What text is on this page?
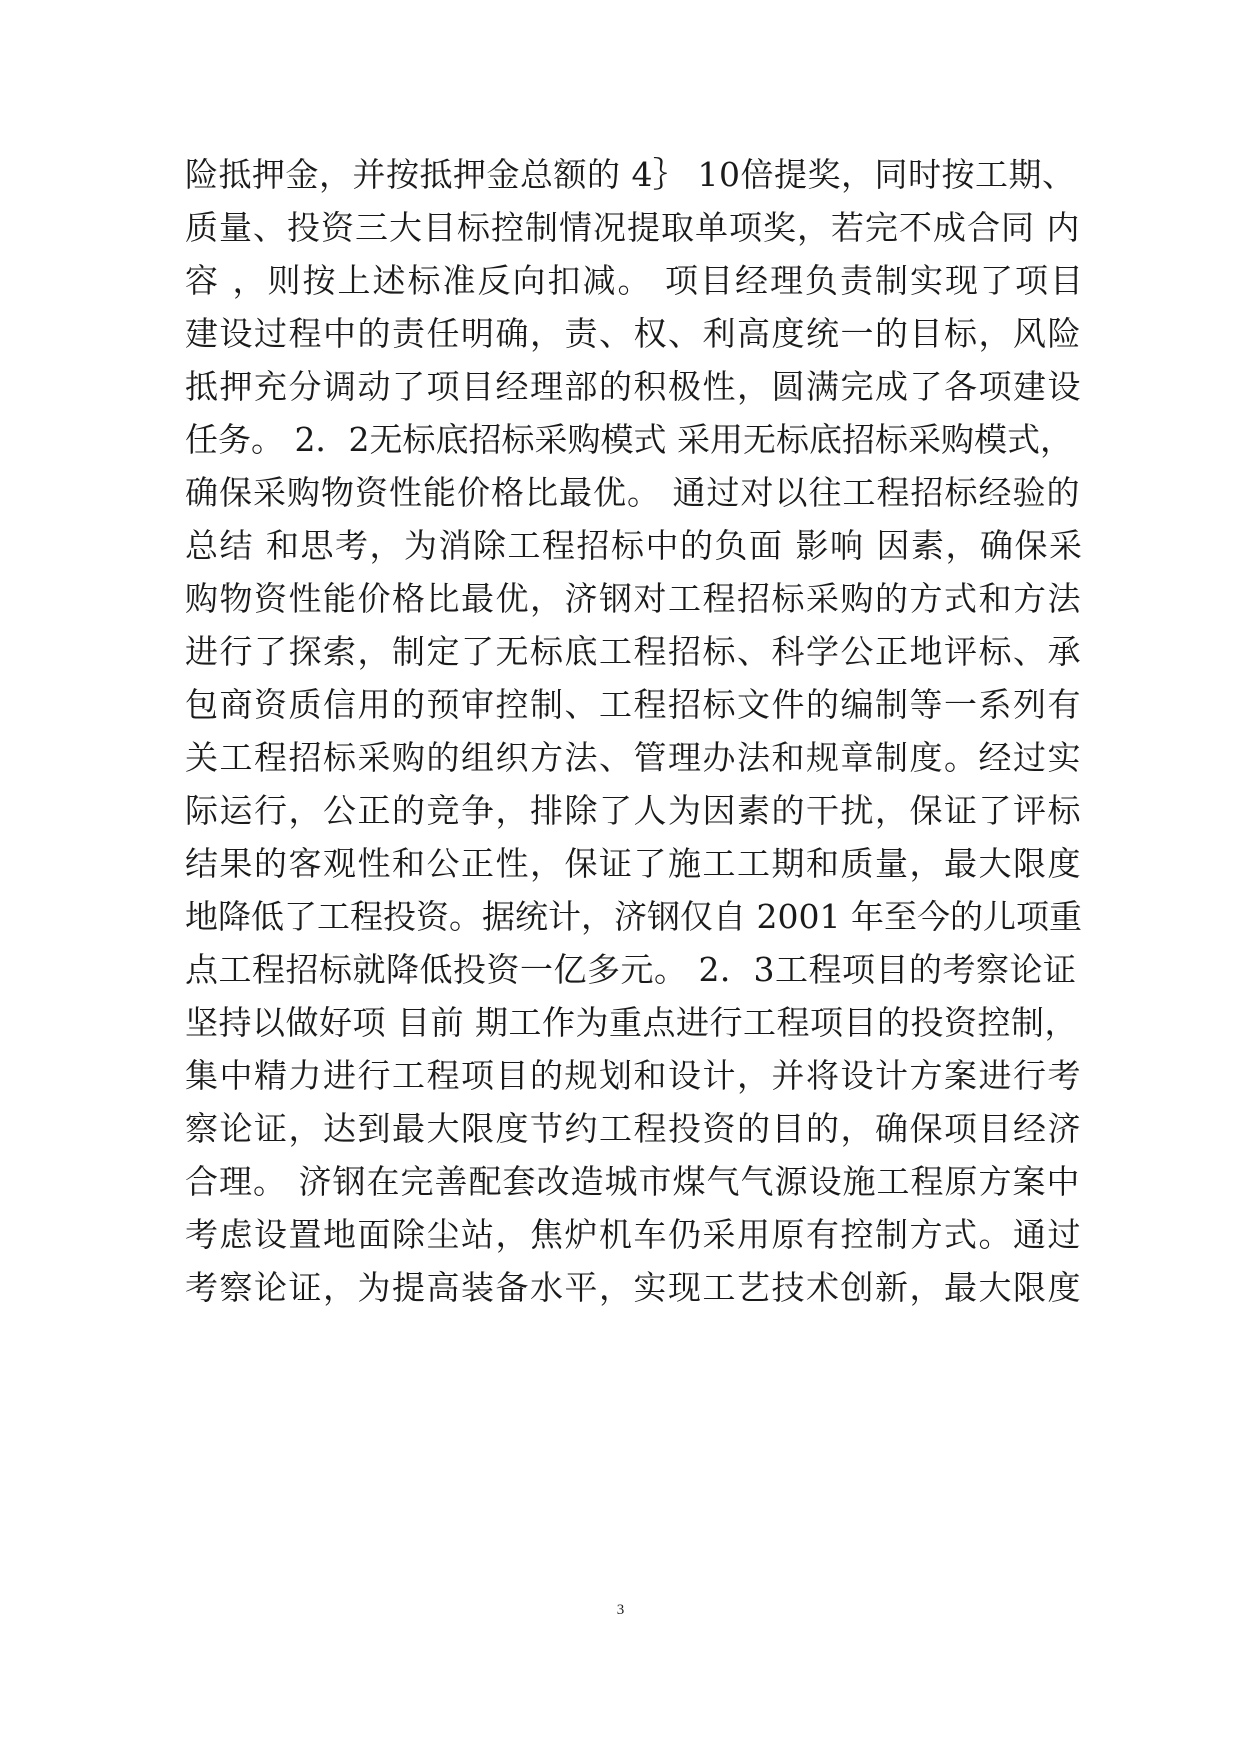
险抵押金，并按抵押金总额的 4｝ 10倍提奖，同时按工期、
质量、投资三大目标控制情况提取单项奖，若完不成合同 内
容 ，则按上述标准反向扣减。 项目经理负责制实现了项目
建设过程中的责任明确，责、权、利高度统一的目标，风险
抵押充分调动了项目经理部的积极性，圆满完成了各项建设
任务。 2．2无标底招标采购模式 采用无标底招标采购模式，
确保采购物资性能价格比最优。 通过对以往工程招标经验的
总结 和思考，为消除工程招标中的负面 影响 因素，确保采
购物资性能价格比最优，济钢对工程招标采购的方式和方法
进行了探索，制定了无标底工程招标、科学公正地评标、承
包商资质信用的预审控制、工程招标文件的编制等一系列有
关工程招标采购的组织方法、管理办法和规章制度。经过实
际运行，公正的竞争，排除了人为因素的干扰，保证了评标
结果的客观性和公正性，保证了施工工期和质量，最大限度
地降低了工程投资。据统计，济钢仅自 2001 年至今的儿项重
点工程招标就降低投资一亿多元。 2．3工程项目的考察论证
坚持以做好项 目前 期工作为重点进行工程项目的投资控制，
集中精力进行工程项目的规划和设计，并将设计方案进行考
察论证，达到最大限度节约工程投资的目的，确保项目经济
合理。 济钢在完善配套改造城市煤气气源设施工程原方案中
考虑设置地面除尘站，焦炉机车仍采用原有控制方式。通过
考察论证，为提高装备水平，实现工艺技术创新，最大限度
3
